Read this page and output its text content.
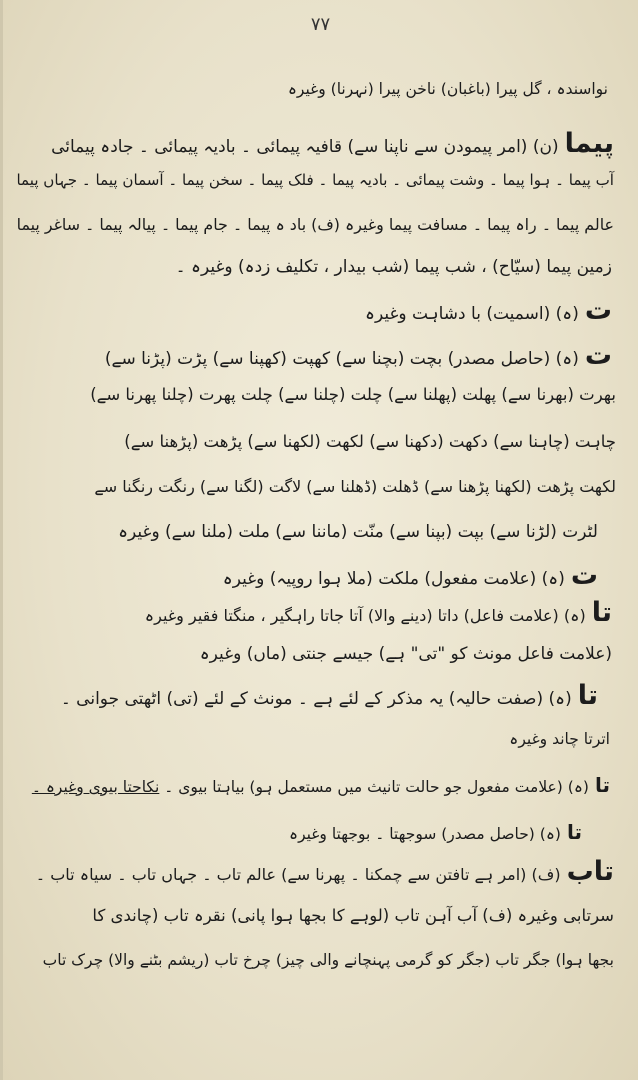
۷۷
نواسندہ ، گل پیرا (باغبان) ناخن پیرا (نہرنا) وغیرہ
پیما(ن) (امر پیمودن سے ناپنا سے) قافیہ پیمائی ۔ بادیہ پیمائی ۔ جادہ پیمائی
آب پیما ۔ ہوا پیما ۔ وشت پیمائی ۔ بادیہ پیما ۔ فلک پیما ۔ سخن پیما ۔ آسمان پیما ۔ جہاں پیما
عالم پیما ۔ راہ پیما ۔ مسافت پیما وغیرہ (ف) باد ہ پیما ۔ جام پیما ۔ پیالہ پیما ۔ ساغر پیما
زمین پیما (سیّاح) ، شب پیما (شب بیدار ، تکلیف زدہ) وغیرہ ۔
ت(ہ) (اسمیت) با دشاہت وغیرہ
ت(ہ) (حاصل مصدر) بچت (بچنا سے) کھپت (کھپنا سے) پڑت (پڑنا سے)
بھرت (بھرنا سے) پھلت (پھلنا سے) چلت (چلنا سے) چلت پھرت (چلنا پھرنا سے)
چاہت (چاہنا سے) دکھت (دکھنا سے) لکھت (لکھنا سے) پڑھت (پڑھنا سے)
لکھت پڑھت (لکھنا پڑھنا سے) ڈھلت (ڈھلنا سے) لاگت (لگنا سے) رنگت رنگنا سے
لٹرت (لڑنا سے) بپت (بپنا سے) منّت (ماننا سے) ملت (ملنا سے) وغیرہ
ت(ہ) (علامت مفعول) ملکت (ملا ہوا روپیہ) وغیرہ
تا(ہ) (علامت فاعل) داتا (دینے والا) آتا جاتا راہگیر ، منگتا فقیر وغیرہ
(علامت فاعل مونث کو "تی" ہے) جیسے جنتی (ماں) وغیرہ
تا(ہ) (صفت حالیہ) یہ مذکر کے لئے ہے ۔ مونث کے لئے (تی) اٹھتی جوانی ۔
اترتا چاند وغیرہ
تا(ہ) (علامت مفعول جو حالت تانیث میں مستعمل ہو) بیاہتا بیوی ۔ نکاحتا بیوی وغیرہ ۔
تا(ہ) (حاصل مصدر) سوجھتا ۔ بوجھتا وغیرہ
تاب(ف) (امر ہے تافتن سے چمکنا ۔ پھرنا سے) عالم تاب ۔ جہاں تاب ۔ سیاہ تاب ۔
سرتابی وغیرہ (ف) آب آہن تاب (لوہے کا بجھا ہوا پانی) نقرہ تاب (چاندی کا
بجھا ہوا) جگر تاب (جگر کو گرمی پہنچانے والی چیز) چرخ تاب (ریشم بٹنے والا) چرک تاب
